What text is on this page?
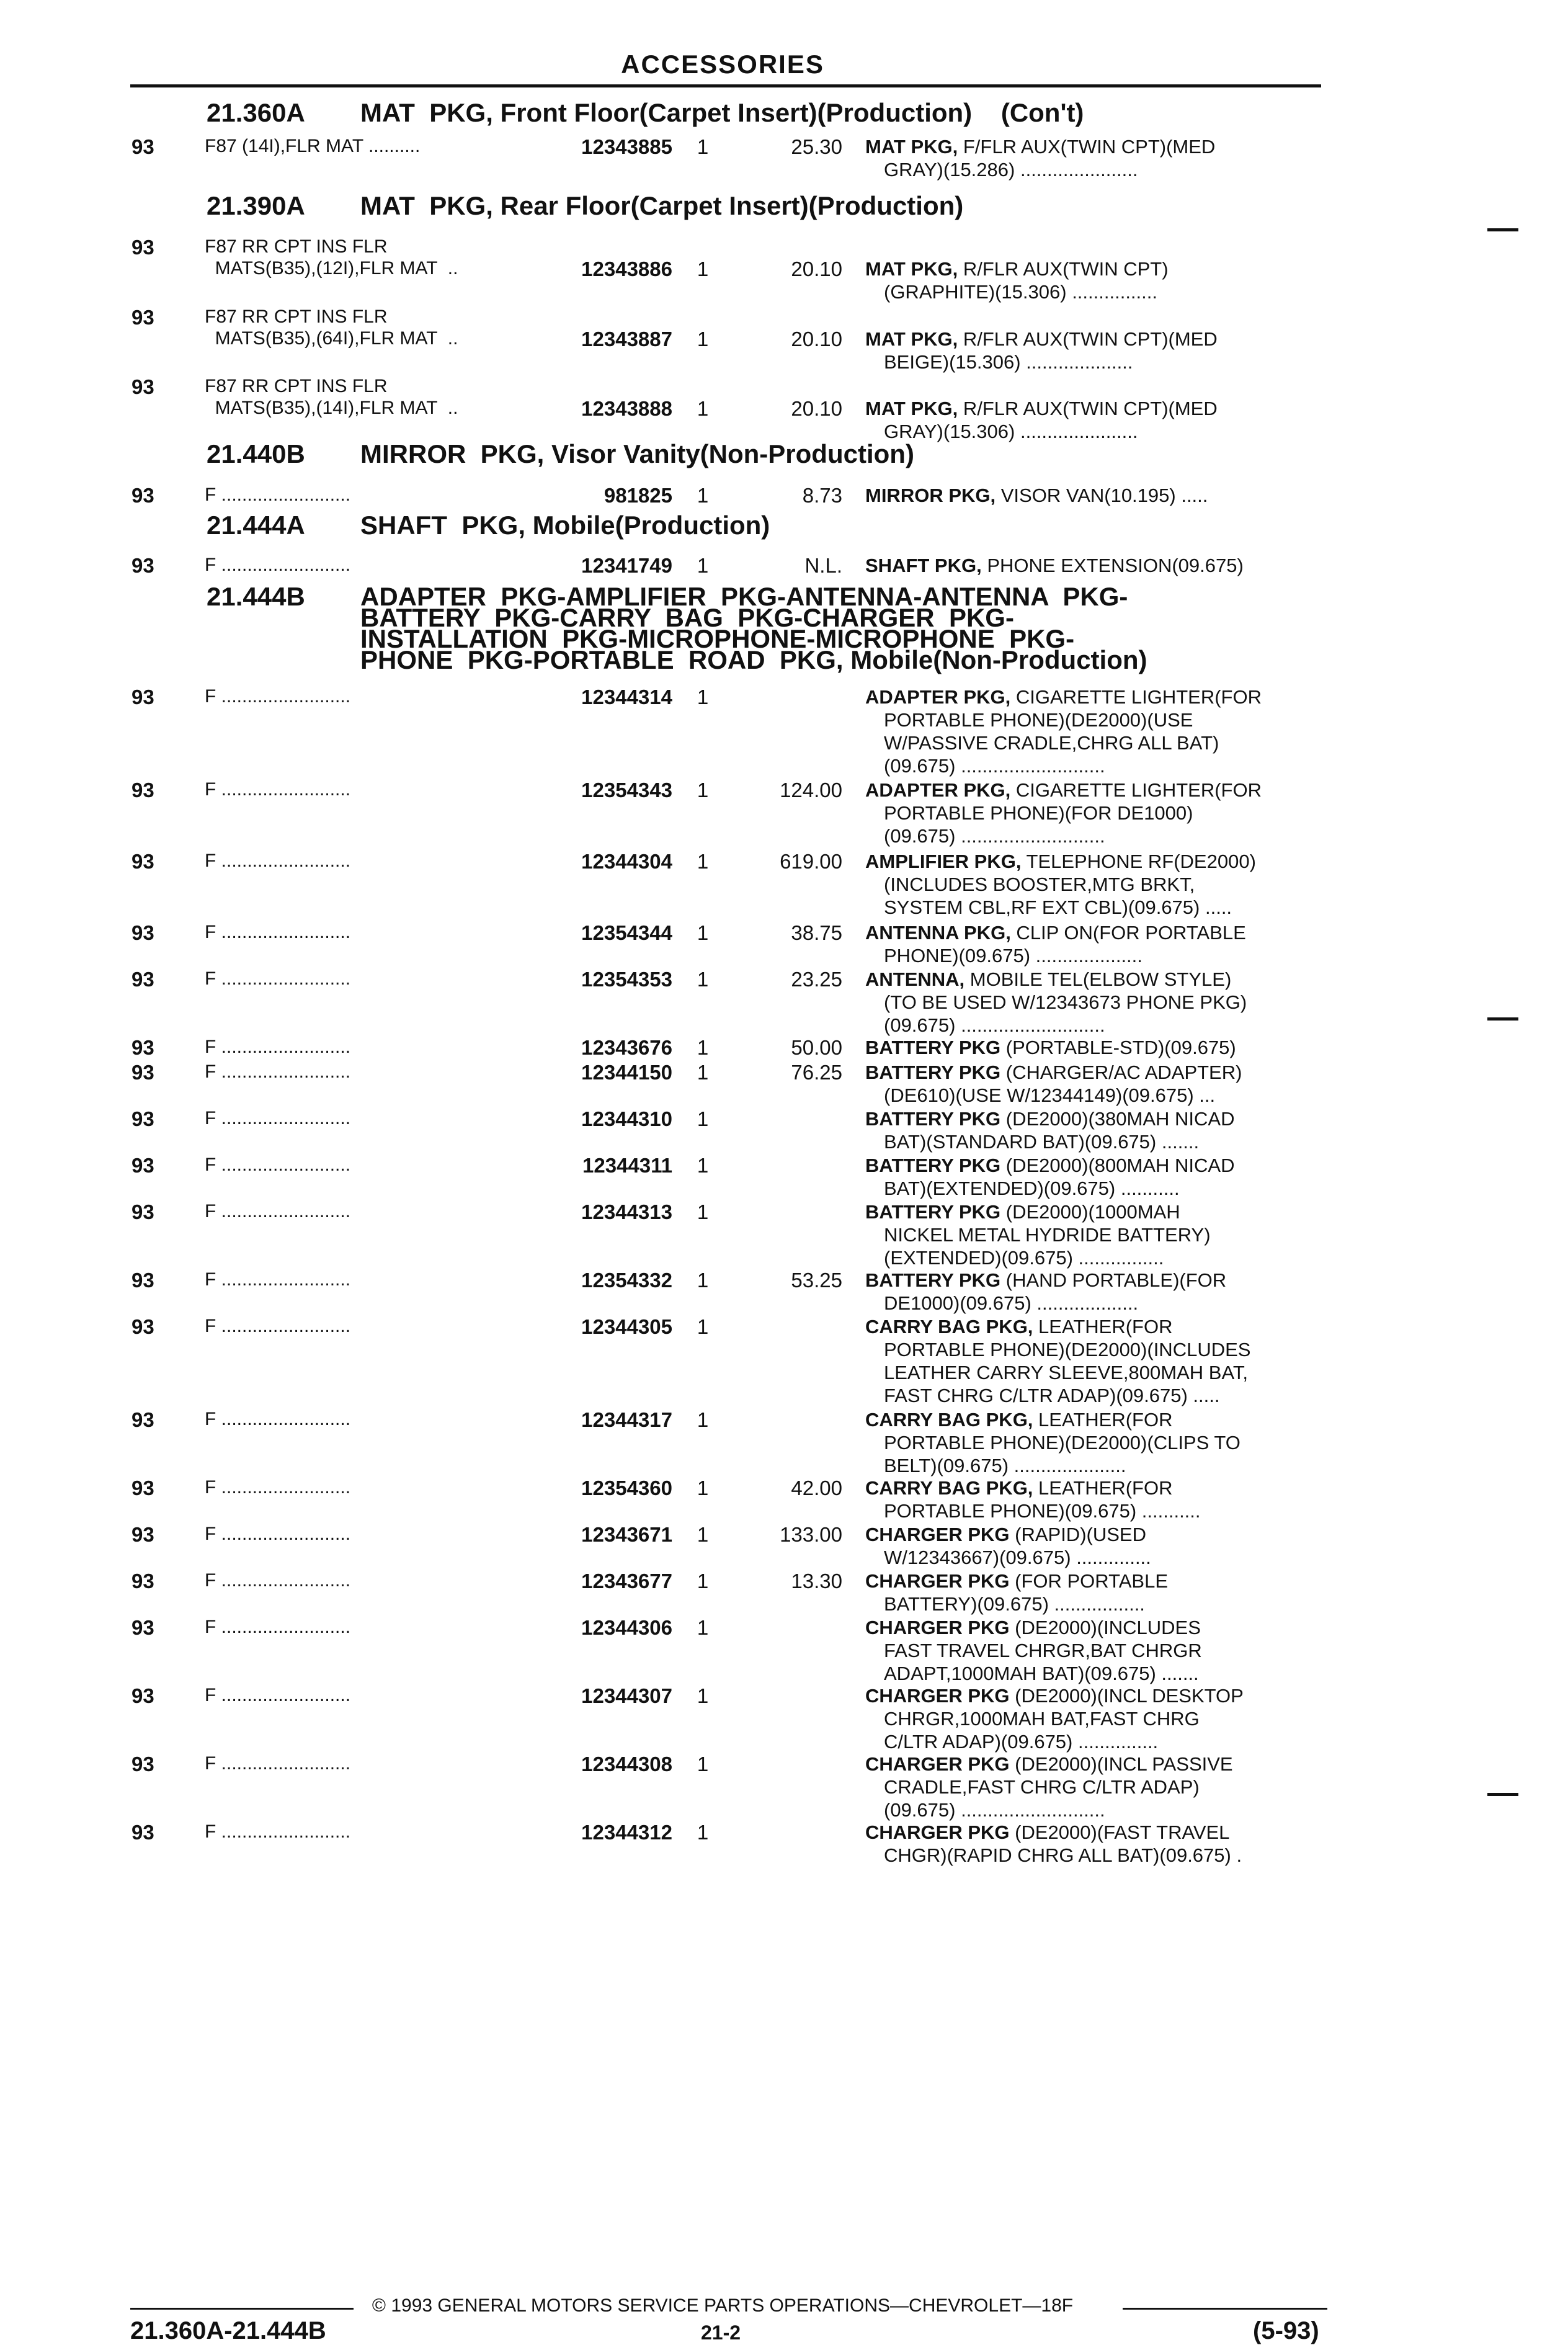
ACCESSORIES
21.360A MAT  PKG, Front Floor(Carpet Insert)(Production)    (Con't)
21.390A MAT  PKG, Rear Floor(Carpet Insert)(Production)
21.440B MIRROR  PKG, Visor Vanity(Non-Production)
21.444A SHAFT  PKG, Mobile(Production)
21.444B ADAPTER  PKG-AMPLIFIER  PKG-ANTENNA-ANTENNA  PKG-
BATTERY  PKG-CARRY  BAG  PKG-CHARGER  PKG-
INSTALLATION  PKG-MICROPHONE-MICROPHONE  PKG-
PHONE  PKG-PORTABLE  ROAD  PKG, Mobile(Non-Production)
93	F87 (14I),FLR MAT ..........	12343885 1	25.30 MAT PKG, F/FLR AUX(TWIN CPT)(MED
GRAY)(15.286) ......................
93	F87 RR CPT INS FLR
MATS(B35),(12I),FLR MAT  ..	12343886 1	20.10 MAT PKG, R/FLR AUX(TWIN CPT)
(GRAPHITE)(15.306) ................
93	F87 RR CPT INS FLR
MATS(B35),(64I),FLR MAT  ..	12343887 1	20.10 MAT PKG, R/FLR AUX(TWIN CPT)(MED
BEIGE)(15.306) ....................
93	F87 RR CPT INS FLR
MATS(B35),(14I),FLR MAT  ..	12343888 1	20.10 MAT PKG, R/FLR AUX(TWIN CPT)(MED
GRAY)(15.306) ......................
93	F .........................	981825 1	8.73 MIRROR PKG, VISOR VAN(10.195) .....
93	F .........................	12341749 1	N.L. SHAFT PKG, PHONE EXTENSION(09.675)
93	F .........................	12344314 1	ADAPTER PKG, CIGARETTE LIGHTER(FOR
PORTABLE PHONE)(DE2000)(USE
W/PASSIVE CRADLE,CHRG ALL BAT)
(09.675) ...........................
93	F .........................	12354343 1	124.00 ADAPTER PKG, CIGARETTE LIGHTER(FOR
PORTABLE PHONE)(FOR DE1000)
(09.675) ...........................
93	F .........................	12344304 1	619.00 AMPLIFIER PKG, TELEPHONE RF(DE2000)
(INCLUDES BOOSTER,MTG BRKT,
SYSTEM CBL,RF EXT CBL)(09.675) .....
93	F .........................	12354344 1	38.75 ANTENNA PKG, CLIP ON(FOR PORTABLE
PHONE)(09.675) ....................
93	F .........................	12354353 1	23.25 ANTENNA, MOBILE TEL(ELBOW STYLE)
(TO BE USED W/12343673 PHONE PKG)
(09.675) ...........................
93	F .........................	12343676 1	50.00 BATTERY PKG (PORTABLE-STD)(09.675)
93	F .........................	12344150 1	76.25 BATTERY PKG (CHARGER/AC ADAPTER)
(DE610)(USE W/12344149)(09.675) ...
93	F .........................	12344310 1	BATTERY PKG (DE2000)(380MAH NICAD
BAT)(STANDARD BAT)(09.675) .......
93	F .........................	12344311 1	BATTERY PKG (DE2000)(800MAH NICAD
BAT)(EXTENDED)(09.675) ...........
93	F .........................	12344313 1	BATTERY PKG (DE2000)(1000MAH
NICKEL METAL HYDRIDE BATTERY)
(EXTENDED)(09.675) ................
93	F .........................	12354332 1	53.25 BATTERY PKG (HAND PORTABLE)(FOR
DE1000)(09.675) ...................
93	F .........................	12344305 1	CARRY BAG PKG, LEATHER(FOR
PORTABLE PHONE)(DE2000)(INCLUDES
LEATHER CARRY SLEEVE,800MAH BAT,
FAST CHRG C/LTR ADAP)(09.675) .....
93	F .........................	12344317 1	CARRY BAG PKG, LEATHER(FOR
PORTABLE PHONE)(DE2000)(CLIPS TO
BELT)(09.675) .....................
93	F .........................	12354360 1	42.00 CARRY BAG PKG, LEATHER(FOR
PORTABLE PHONE)(09.675) ...........
93	F .........................	12343671 1	133.00 CHARGER PKG (RAPID)(USED
W/12343667)(09.675) ..............
93	F .........................	12343677 1	13.30 CHARGER PKG (FOR PORTABLE
BATTERY)(09.675) .................
93	F .........................	12344306 1	CHARGER PKG (DE2000)(INCLUDES
FAST TRAVEL CHRGR,BAT CHRGR
ADAPT,1000MAH BAT)(09.675) .......
93	F .........................	12344307 1	CHARGER PKG (DE2000)(INCL DESKTOP
CHRGR,1000MAH BAT,FAST CHRG
C/LTR ADAP)(09.675) ...............
93	F .........................	12344308 1	CHARGER PKG (DE2000)(INCL PASSIVE
CRADLE,FAST CHRG C/LTR ADAP)
(09.675) ...........................
93	F .........................	12344312 1	CHARGER PKG (DE2000)(FAST TRAVEL
CHGR)(RAPID CHRG ALL BAT)(09.675) .
© 1993 GENERAL MOTORS SERVICE PARTS OPERATIONS—CHEVROLET—18F
21.360A-21.444B	21-2	(5-93)
